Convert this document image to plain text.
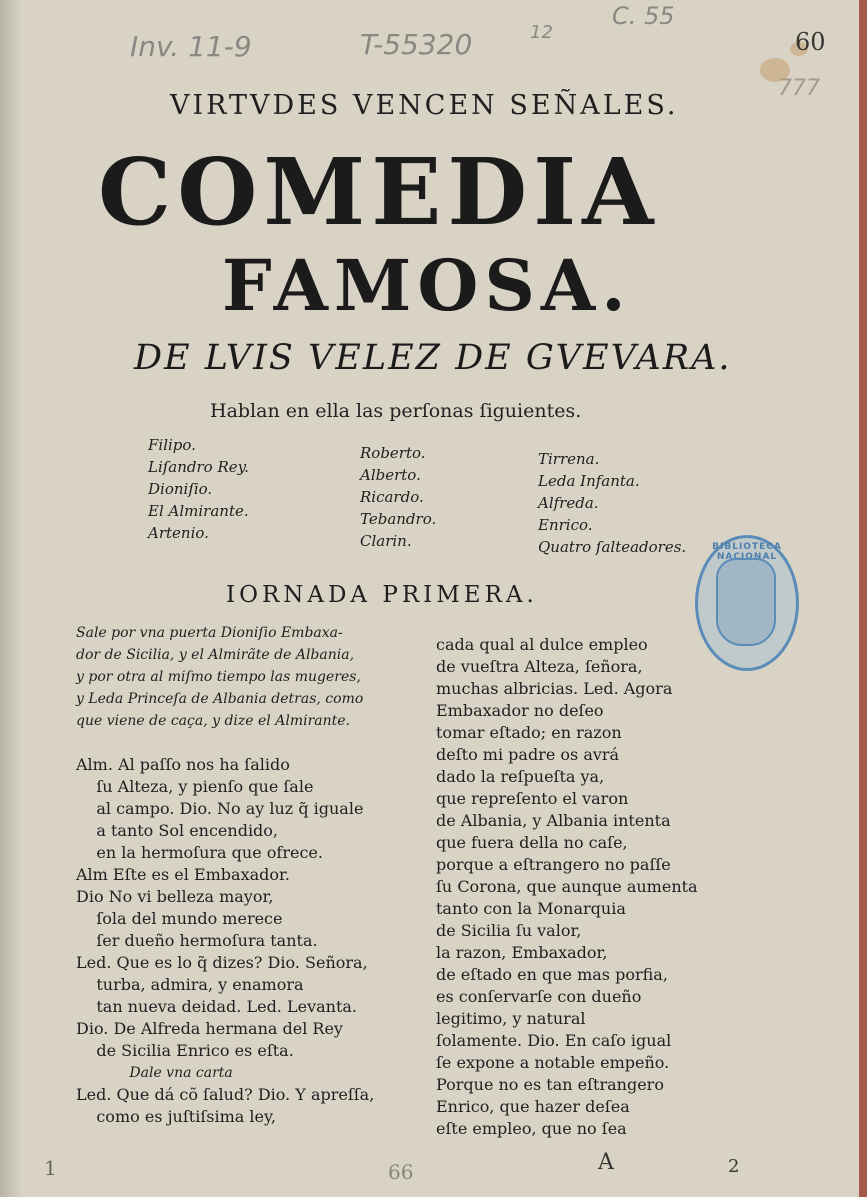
Inv. 11-9	T-55320	12
C. 55
60
777
VIRTVDES VENCEN SEÑALES.
COMEDIA
FAMOSA.
DE LVIS VELEZ DE GVEVARA.
Hablan en ella las perſonas ſiguientes.
Filipo.
Liſandro Rey.
Dioniſio.
El Almirante.
Artenio.
Roberto.
Alberto.
Ricardo.
Tebandro.
Clarin.
Tirrena.
Leda Infanta.
Alfreda.
Enrico.
Quatro ſalteadores.	BIBLIOTECA NACIONAL
IORNADA PRIMERA.
Sale por vna puerta Dioniſio Embaxa-
dor de Sicilia, y el Almirãte de Albania,
y por otra al miſmo tiempo las mugeres,
y Leda Princeſa de Albania detras, como
que viene de caça, y dize el Almirante.
Alm. Al paſſo nos ha ſalido
ſu Alteza, y pienſo que ſale
al campo. Dio. No ay luz q̃ iguale
a tanto Sol encendido,
en la hermoſura que ofrece.
Alm Eſte es el Embaxador.
Dio No vi belleza mayor,
ſola del mundo merece
ſer dueño hermoſura tanta.
Led. Que es lo q̃ dizes? Dio. Señora,
turba, admira, y enamora
tan nueva deidad. Led. Levanta.
Dio. De Alfreda hermana del Rey
de Sicilia Enrico es eſta.
Dale vna carta
Led. Que dá cõ ſalud? Dio. Y apreſſa,
como es juſtiſsima ley,
cada qual al dulce empleo
de vueſtra Alteza, ſeñora,
muchas albricias. Led. Agora
Embaxador no deſeo
tomar eſtado; en razon
deſto mi padre os avrá
dado la reſpueſta ya,
que repreſento el varon
de Albania, y Albania intenta
que fuera della no caſe,
porque a eſtrangero no paſſe
ſu Corona, que aunque aumenta
tanto con la Monarquia
de Sicilia ſu valor,
la razon, Embaxador,
de eſtado en que mas porfia,
es conſervarſe con dueño
legitimo, y natural
ſolamente. Dio. En caſo igual
ſe expone a notable empeño.
Porque no es tan eſtrangero
Enrico, que hazer deſea
eſte empleo, que no ſea
1	66	A	2
